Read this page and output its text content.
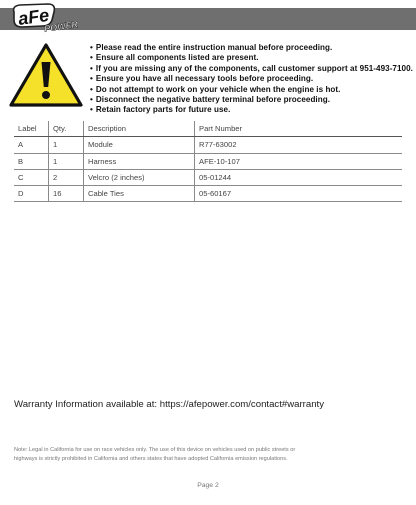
aFe
POWER
• Please read the entire instruction manual before proceeding.
• Ensure all components listed are present.
• If you are missing any of the components, call customer support at 951-493-7100.
• Ensure you have all necessary tools before proceeding.
• Do not attempt to work on your vehicle when the engine is hot.
• Disconnect the negative battery terminal before proceeding.
• Retain factory parts for future use.
Label	Qty.	Description	Part Number
A	1	Module	R77-63002
B	1	Harness	AFE-10-107
C	2	Velcro (2 inches)	05-01244
D	16	Cable Ties	05-60167
Warranty Information available at: https://afepower.com/contact#warranty

Note: Legal in California for use on race vehicles only. The use of this device on vehicles used on public streets or highways is strictly prohibited in California and others states that have adopted California emission regulations.

Page 2
